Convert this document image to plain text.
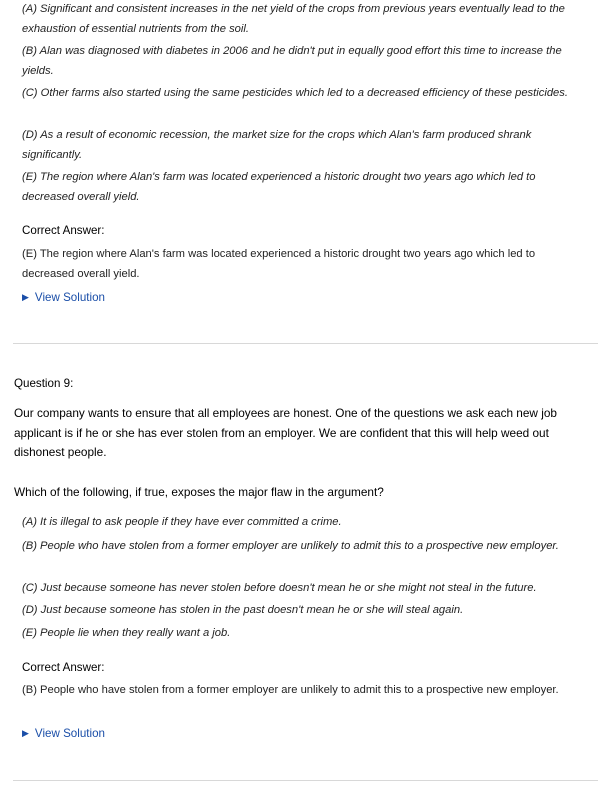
(A) Significant and consistent increases in the net yield of the crops from previous years eventually lead to the exhaustion of essential nutrients from the soil.
(B) Alan was diagnosed with diabetes in 2006 and he didn't put in equally good effort this time to increase the yields.
(C) Other farms also started using the same pesticides which led to a decreased efficiency of these pesticides.
(D) As a result of economic recession, the market size for the crops which Alan's farm produced shrank significantly.
(E) The region where Alan's farm was located experienced a historic drought two years ago which led to decreased overall yield.
Correct Answer:
(E) The region where Alan's farm was located experienced a historic drought two years ago which led to decreased overall yield.
▶ View Solution
Question 9:
Our company wants to ensure that all employees are honest. One of the questions we ask each new job applicant is if he or she has ever stolen from an employer. We are confident that this will help weed out dishonest people.
Which of the following, if true, exposes the major flaw in the argument?
(A) It is illegal to ask people if they have ever committed a crime.
(B) People who have stolen from a former employer are unlikely to admit this to a prospective new employer.
(C) Just because someone has never stolen before doesn't mean he or she might not steal in the future.
(D) Just because someone has stolen in the past doesn't mean he or she will steal again.
(E) People lie when they really want a job.
Correct Answer:
(B) People who have stolen from a former employer are unlikely to admit this to a prospective new employer.
▶ View Solution
